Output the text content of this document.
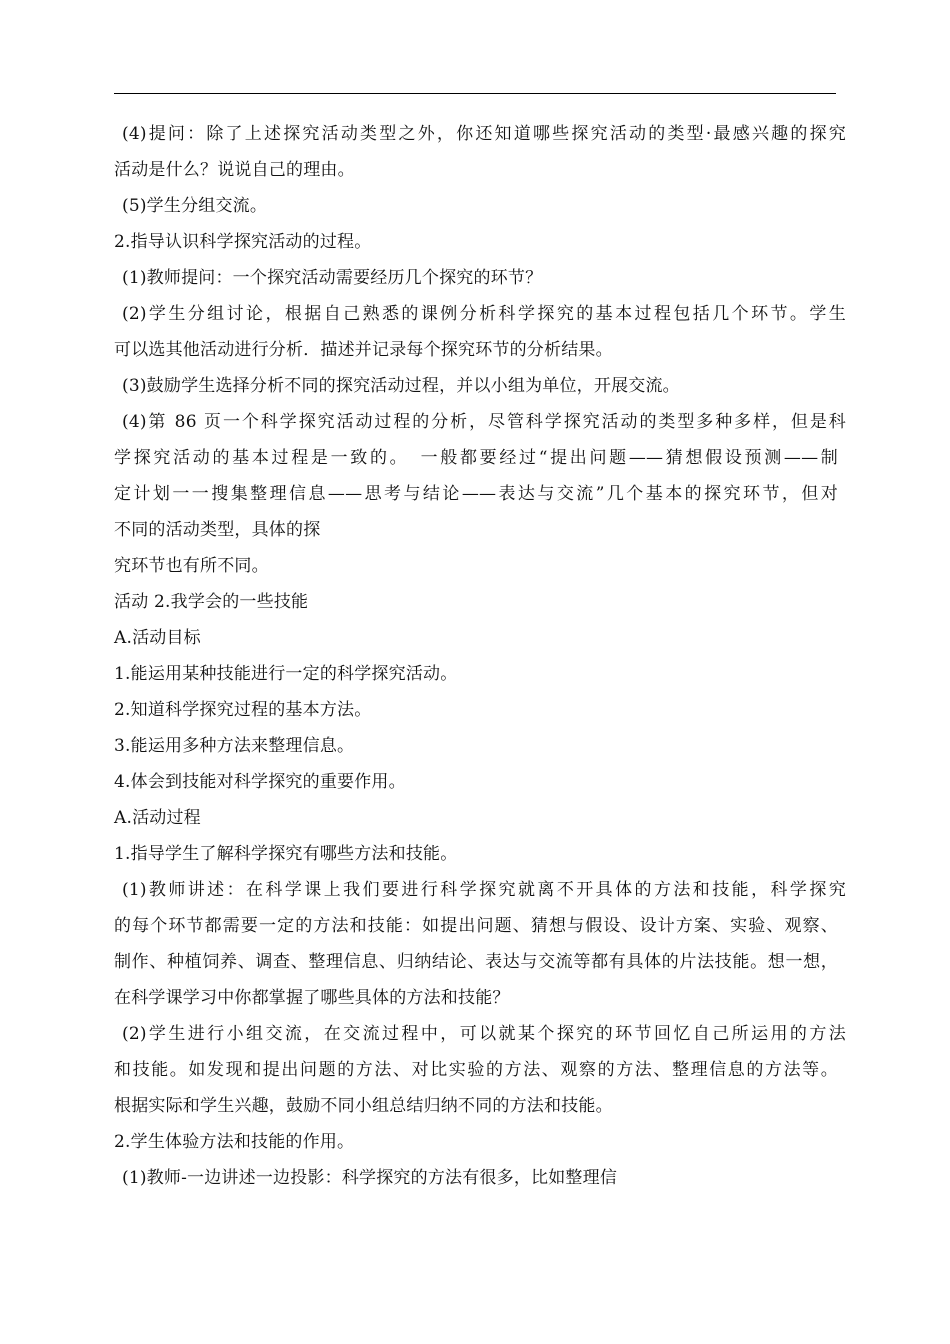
(4)提问：除了上述探究活动类型之外，你还知道哪些探究活动的类型·最感兴趣的探究
活动是什么？说说自己的理由。
(5)学生分组交流。
2.指导认识科学探究活动的过程。
(1)教师提问：一个探究活动需要经历几个探究的环节？
(2)学生分组讨论，根据自己熟悉的课例分析科学探究的基本过程包括几个环节。学生
可以选其他活动进行分析．描述并记录每个探究环节的分析结果。
(3)鼓励学生选择分析不同的探究活动过程，并以小组为单位，开展交流。
(4)第 86 页一个科学探究活动过程的分析，尽管科学探究活动的类型多种多样，但是科
学探究活动的基本过程是一致的。　一般都要经过“提出问题——猜想假设预测——制
定计划一一搜集整理信息——思考与结论——表达与交流”几个基本的探究环节，但对
不同的活动类型，具体的探
究环节也有所不同。
活动 2.我学会的一些技能
A.活动目标
1.能运用某种技能进行一定的科学探究活动。
2.知道科学探究过程的基本方法。
3.能运用多种方法来整理信息。
4.体会到技能对科学探究的重要作用。
A.活动过程
1.指导学生了解科学探究有哪些方法和技能。
(1)教师讲述：在科学课上我们要进行科学探究就离不开具体的方法和技能，科学探究
的每个环节都需要一定的方法和技能：如提出问题、猜想与假设、设计方案、实验、观察、
制作、种植饲养、调查、整理信息、归纳结论、表达与交流等都有具体的片法技能。想一想，
在科学课学习中你都掌握了哪些具体的方法和技能？
(2)学生进行小组交流，在交流过程中，可以就某个探究的环节回忆自己所运用的方法
和技能。如发现和提出问题的方法、对比实验的方法、观察的方法、整理信息的方法等。
根据实际和学生兴趣，鼓励不同小组总结归纳不同的方法和技能。
2.学生体验方法和技能的作用。
(1)教师-一边讲述一边投影：科学探究的方法有很多，比如整理信
